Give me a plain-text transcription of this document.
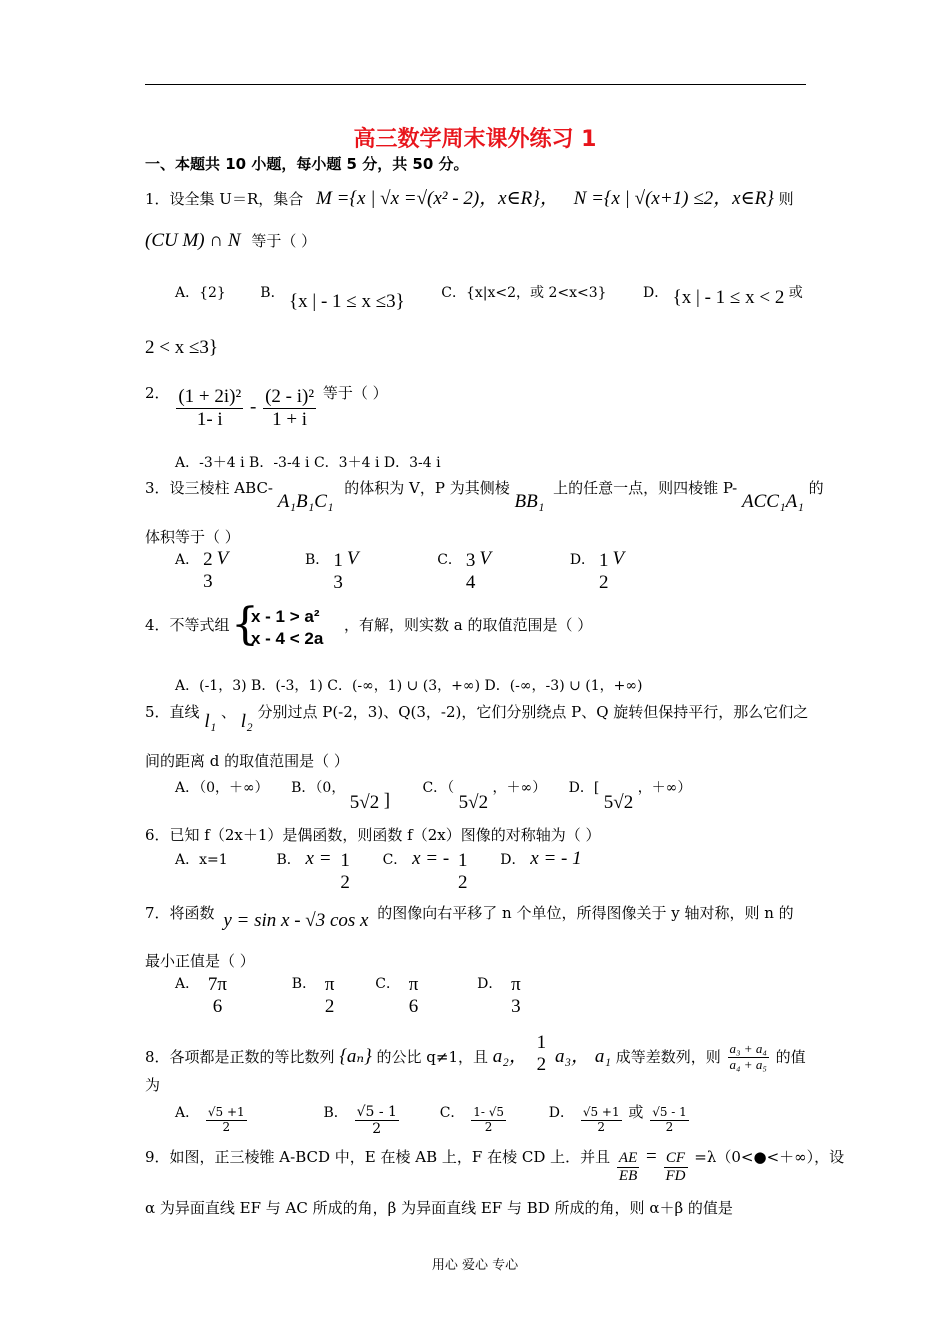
高三数学周末课外练习 1
一、本题共 10 小题，每小题 5 分，共 50 分。
1．设全集 U＝R，集合 M ={x | √x =√(x² - 2)，x∈R}， N ={x | √(x+1) ≤2，x∈R} 则
(CU M) ∩ N 等于（ ）
A．{2} B． {x | - 1 ≤ x ≤3}	C．{x|x<2，或 2<x<3}	D． {x | - 1 ≤ x < 2 或
2 < x ≤3}
2． $\frac{\text{(1 + 2i)²}}{1- i} - \frac{\text{(2 - i)²}}{1 + i}$ 等于（ ）
A．-3＋4 i B．-3-4 i C．3＋4 i D．3-4 i
3．设三棱柱 ABC- A₁B₁C₁ 的体积为 V，P 为其侧棱 BB₁ 上的任意一点，则四棱锥 P- ACC₁A₁ 的
体积等于（ ）
A． 2
3
V	B． 1
3
V	C． 3
4
V	D． 1
2
V
4．不等式组 {
x - 1 > a²
x - 4 < 2a
，有解，则实数 a 的取值范围是（ ）
A．(-1，3) B．(-3，1) C．(-∞，1) ∪ (3，+∞) D．(-∞，-3) ∪ (1，+∞)
5．直线 l₁ 、 l₂ 分别过点 P(-2，3)、Q(3，-2)，它们分别绕点 P、Q 旋转但保持平行，那么它们之
间的距离 d 的取值范围是（ ）
A．（0，＋∞） B．（0， 5√2 ] C．（ 5√2 ，＋∞） D．[ 5√2 ，＋∞）
6．已知 f（2x＋1）是偶函数，则函数 f（2x）图像的对称轴为（ ）
A．x=1	B． x = 1
2
C． x = - 1
2
D． x = - 1
7．将函数 y = sin x - √3 cos x 的图像向右平移了 n 个单位，所得图像关于 y 轴对称，则 n 的
最小正值是（ ）
A． 7π
6
B． π
2
C． π
6
D． π
3
8．各项都是正数的等比数列 {aₙ} 的公比 q≠1，且 a₂，
1
2 a₃， a₁ 成等差数列，则 $\frac{\text{a₃ + a₄}}{\text{a₄ + a₅}}$ 的值
为
A． $\frac{√5 +1}{2}$	B． $\frac{√5 - 1}{2}$	C． $\frac{1- √5}{2}$	D． $\frac{√5 +1}{2}$ 或 $\frac{√5 - 1}{2}$
9．如图，正三棱锥 A-BCD 中，E 在棱 AB 上，F 在棱 CD 上．并且 $\frac{AE}{EB} = \frac{CF}{FD}$ =λ（0<●<＋∞），设
α 为异面直线 EF 与 AC 所成的角，β 为异面直线 EF 与 BD 所成的角，则 α＋β 的值是
用心 爱心 专心
